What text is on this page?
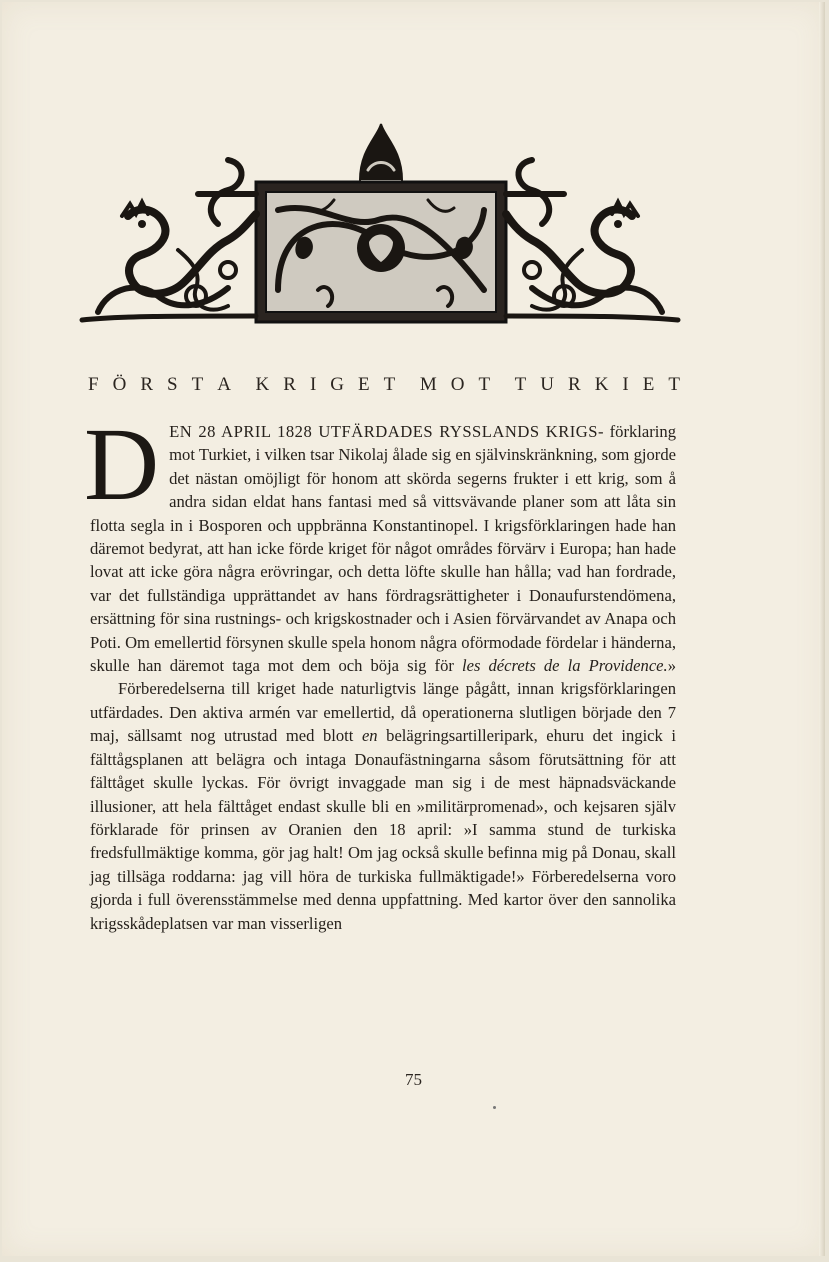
F Ö R S T A K R I G E T M O T T U R K I E T

DEN 28 APRIL 1828 UTFÄRDADES RYSSLANDS KRIGS- förklaring mot Turkiet, i vilken tsar Nikolaj ålade sig en självinskränkning, som gjorde det nästan omöjligt för honom att skörda segerns frukter i ett krig, som å andra sidan eldat hans fantasi med så vittsvävande planer som att låta sin flotta segla in i Bosporen och uppbränna Konstantinopel. I krigsförklaringen hade han däremot bedyrat, att han icke förde kriget för något områdes förvärv i Europa; han hade lovat att icke göra några erövringar, och detta löfte skulle han hålla; vad han fordrade, var det fullständiga upprättandet av hans fördragsrättigheter i Donaufurstendömena, ersättning för sina rustnings- och krigskostnader och i Asien förvärvandet av Anapa och Poti. Om emellertid försynen skulle spela honom några oförmodade fördelar i händerna, skulle han däremot taga mot dem och böja sig för les décrets de la Providence.»

Förberedelserna till kriget hade naturligtvis länge pågått, innan krigsförklaringen utfärdades. Den aktiva armén var emellertid, då operationerna slutligen började den 7 maj, sällsamt nog utrustad med blott en belägringsartilleripark, ehuru det ingick i fälttågsplanen att belägra och intaga Donaufästningarna såsom förutsättning för att fälttåget skulle lyckas. För övrigt invaggade man sig i de mest häpnadsväckande illusioner, att hela fälttåget endast skulle bli en »militärpromenad», och kejsaren själv förklarade för prinsen av Oranien den 18 april: »I samma stund de turkiska fredsfullmäktige komma, gör jag halt! Om jag också skulle befinna mig på Donau, skall jag tillsäga roddarna: jag vill höra de turkiska fullmäktigade!» Förberedelserna voro gjorda i full överensstämmelse med denna uppfattning. Med kartor över den sannolika krigsskådeplatsen var man visserligen

75
